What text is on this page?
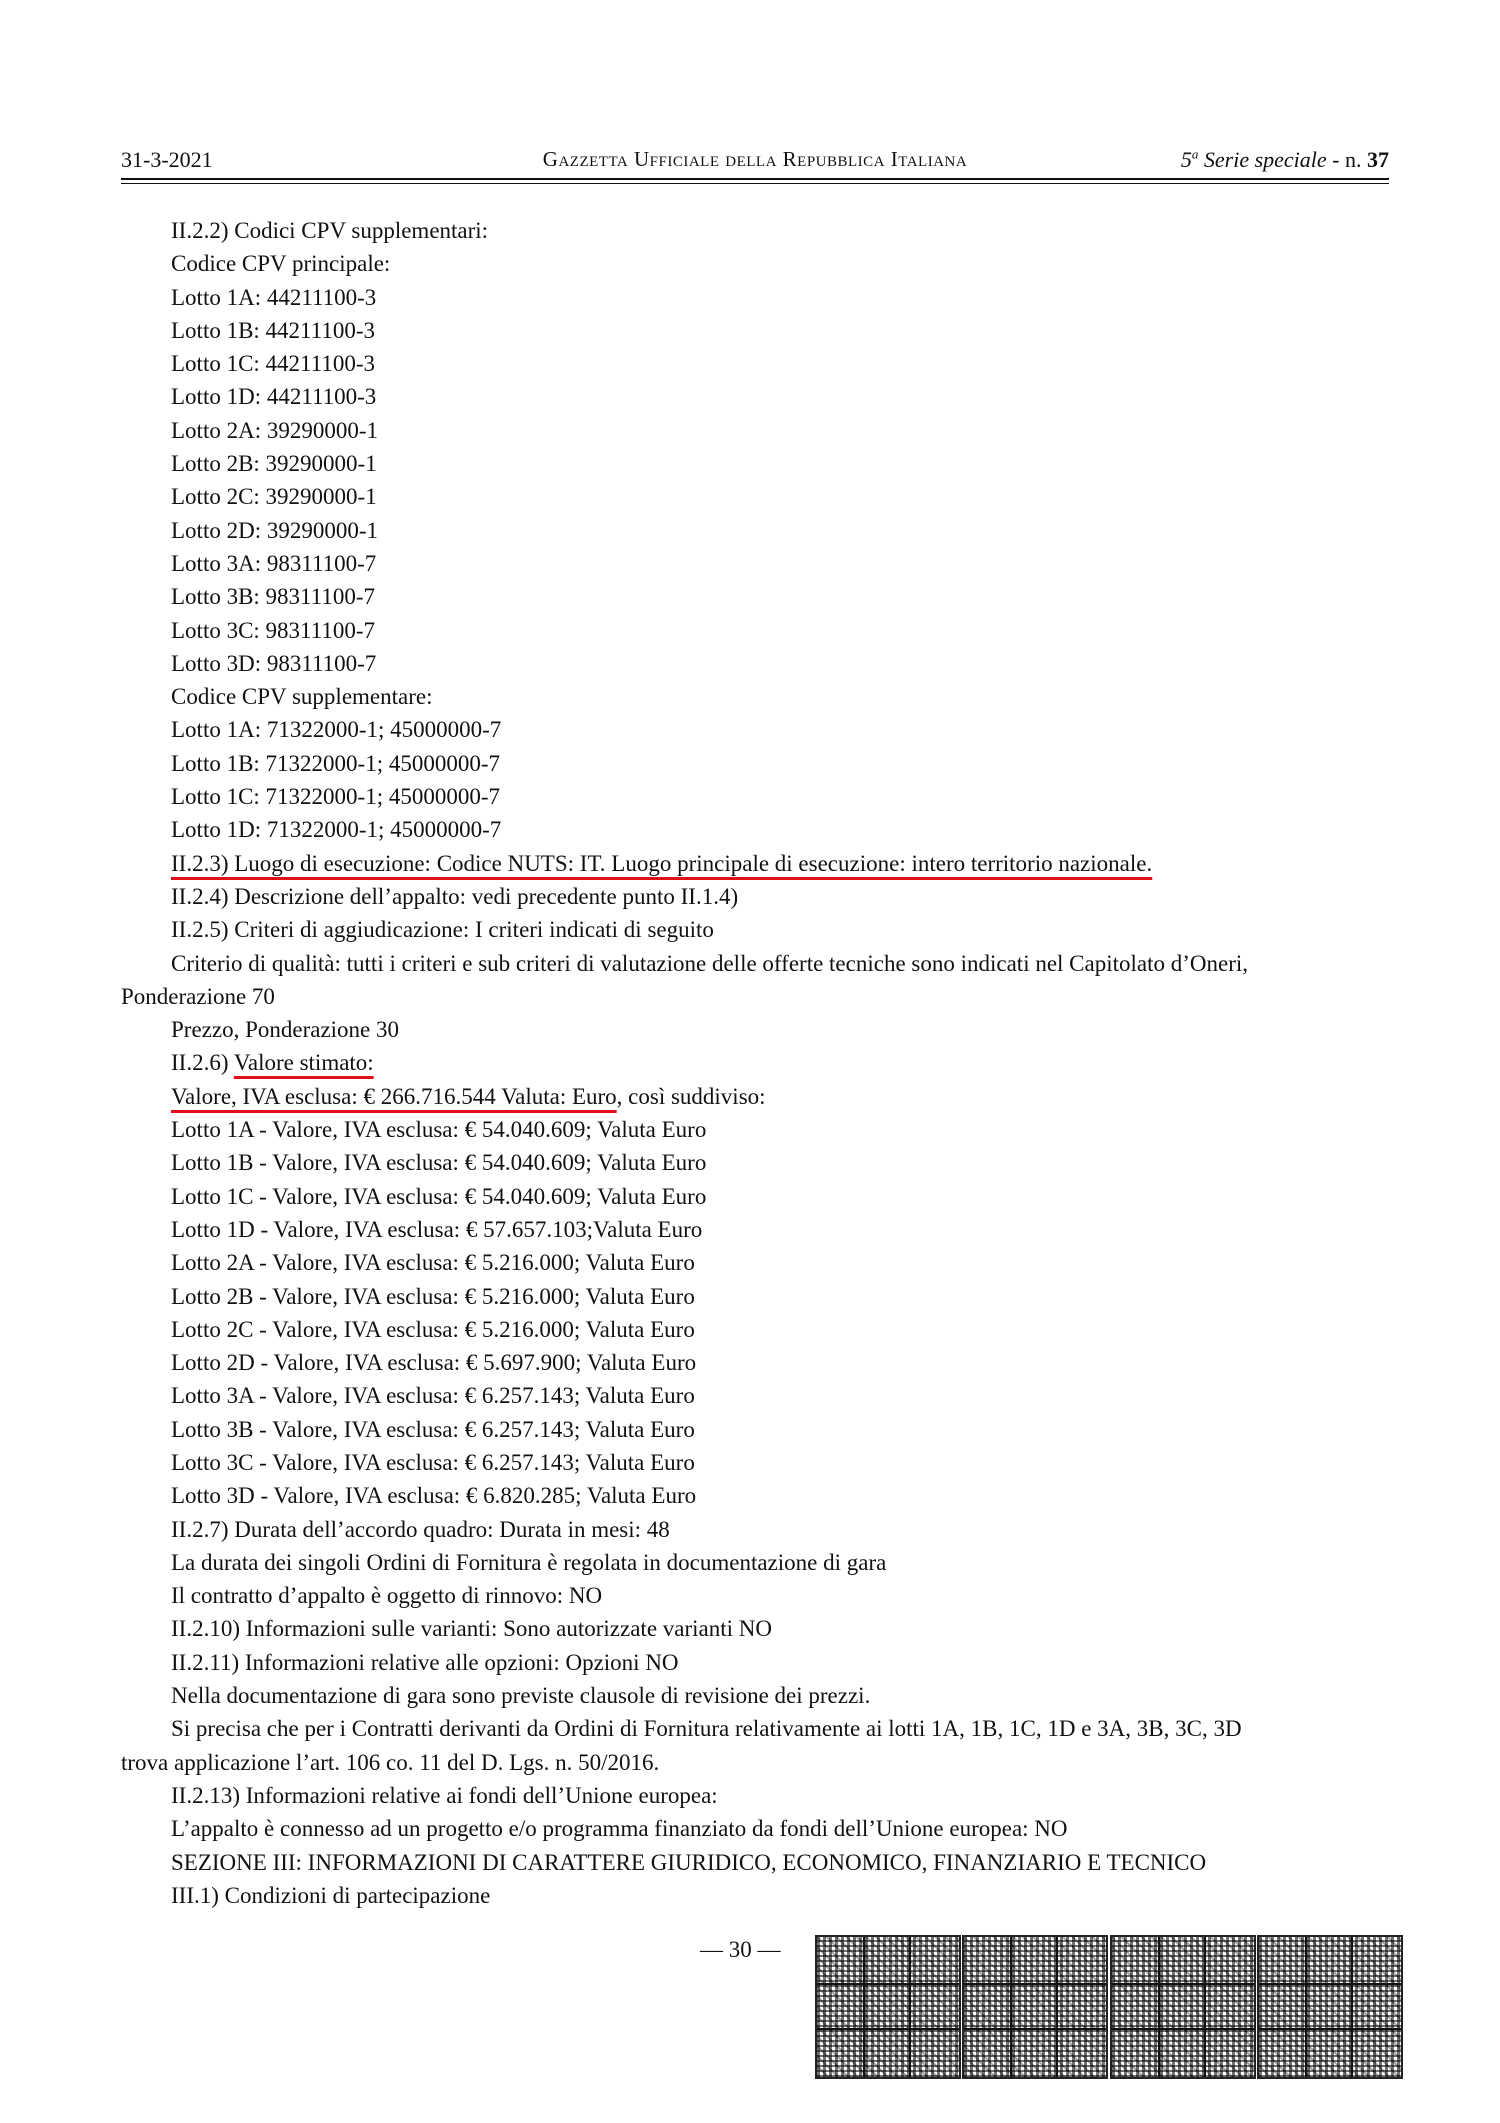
31-3-2021	Gazzetta Ufficiale della Repubblica Italiana	5$^a$ Serie speciale - n. 37
II.2.2) Codici CPV supplementari:
Codice CPV principale:
Lotto 1A: 44211100-3
Lotto 1B: 44211100-3
Lotto 1C: 44211100-3
Lotto 1D: 44211100-3
Lotto 2A: 39290000-1
Lotto 2B: 39290000-1
Lotto 2C: 39290000-1
Lotto 2D: 39290000-1
Lotto 3A: 98311100-7
Lotto 3B: 98311100-7
Lotto 3C: 98311100-7
Lotto 3D: 98311100-7
Codice CPV supplementare:
Lotto 1A: 71322000-1; 45000000-7
Lotto 1B: 71322000-1; 45000000-7
Lotto 1C: 71322000-1; 45000000-7
Lotto 1D: 71322000-1; 45000000-7
II.2.3) Luogo di esecuzione: Codice NUTS: IT. Luogo principale di esecuzione: intero territorio nazionale.
II.2.4) Descrizione dell’appalto: vedi precedente punto II.1.4)
II.2.5) Criteri di aggiudicazione: I criteri indicati di seguito
Criterio di qualità: tutti i criteri e sub criteri di valutazione delle offerte tecniche sono indicati nel Capitolato d’Oneri,
Ponderazione 70
Prezzo, Ponderazione 30
II.2.6) Valore stimato:
Valore, IVA esclusa: € 266.716.544 Valuta: Euro, così suddiviso:
Lotto 1A - Valore, IVA esclusa: € 54.040.609; Valuta Euro
Lotto 1B - Valore, IVA esclusa: € 54.040.609; Valuta Euro
Lotto 1C - Valore, IVA esclusa: € 54.040.609; Valuta Euro
Lotto 1D - Valore, IVA esclusa: € 57.657.103;Valuta Euro
Lotto 2A - Valore, IVA esclusa: € 5.216.000; Valuta Euro
Lotto 2B - Valore, IVA esclusa: € 5.216.000; Valuta Euro
Lotto 2C - Valore, IVA esclusa: € 5.216.000; Valuta Euro
Lotto 2D - Valore, IVA esclusa: € 5.697.900; Valuta Euro
Lotto 3A - Valore, IVA esclusa: € 6.257.143; Valuta Euro
Lotto 3B - Valore, IVA esclusa: € 6.257.143; Valuta Euro
Lotto 3C - Valore, IVA esclusa: € 6.257.143; Valuta Euro
Lotto 3D - Valore, IVA esclusa: € 6.820.285; Valuta Euro
II.2.7) Durata dell’accordo quadro: Durata in mesi: 48
La durata dei singoli Ordini di Fornitura è regolata in documentazione di gara
Il contratto d’appalto è oggetto di rinnovo: NO
II.2.10) Informazioni sulle varianti: Sono autorizzate varianti NO
II.2.11) Informazioni relative alle opzioni: Opzioni NO
Nella documentazione di gara sono previste clausole di revisione dei prezzi.
Si precisa che per i Contratti derivanti da Ordini di Fornitura relativamente ai lotti 1A, 1B, 1C, 1D e 3A, 3B, 3C, 3D
trova applicazione l’art. 106 co. 11 del D. Lgs. n. 50/2016.
II.2.13) Informazioni relative ai fondi dell’Unione europea:
L’appalto è connesso ad un progetto e/o programma finanziato da fondi dell’Unione europea: NO
SEZIONE III: INFORMAZIONI DI CARATTERE GIURIDICO, ECONOMICO, FINANZIARIO E TECNICO
III.1) Condizioni di partecipazione
— 30 —
